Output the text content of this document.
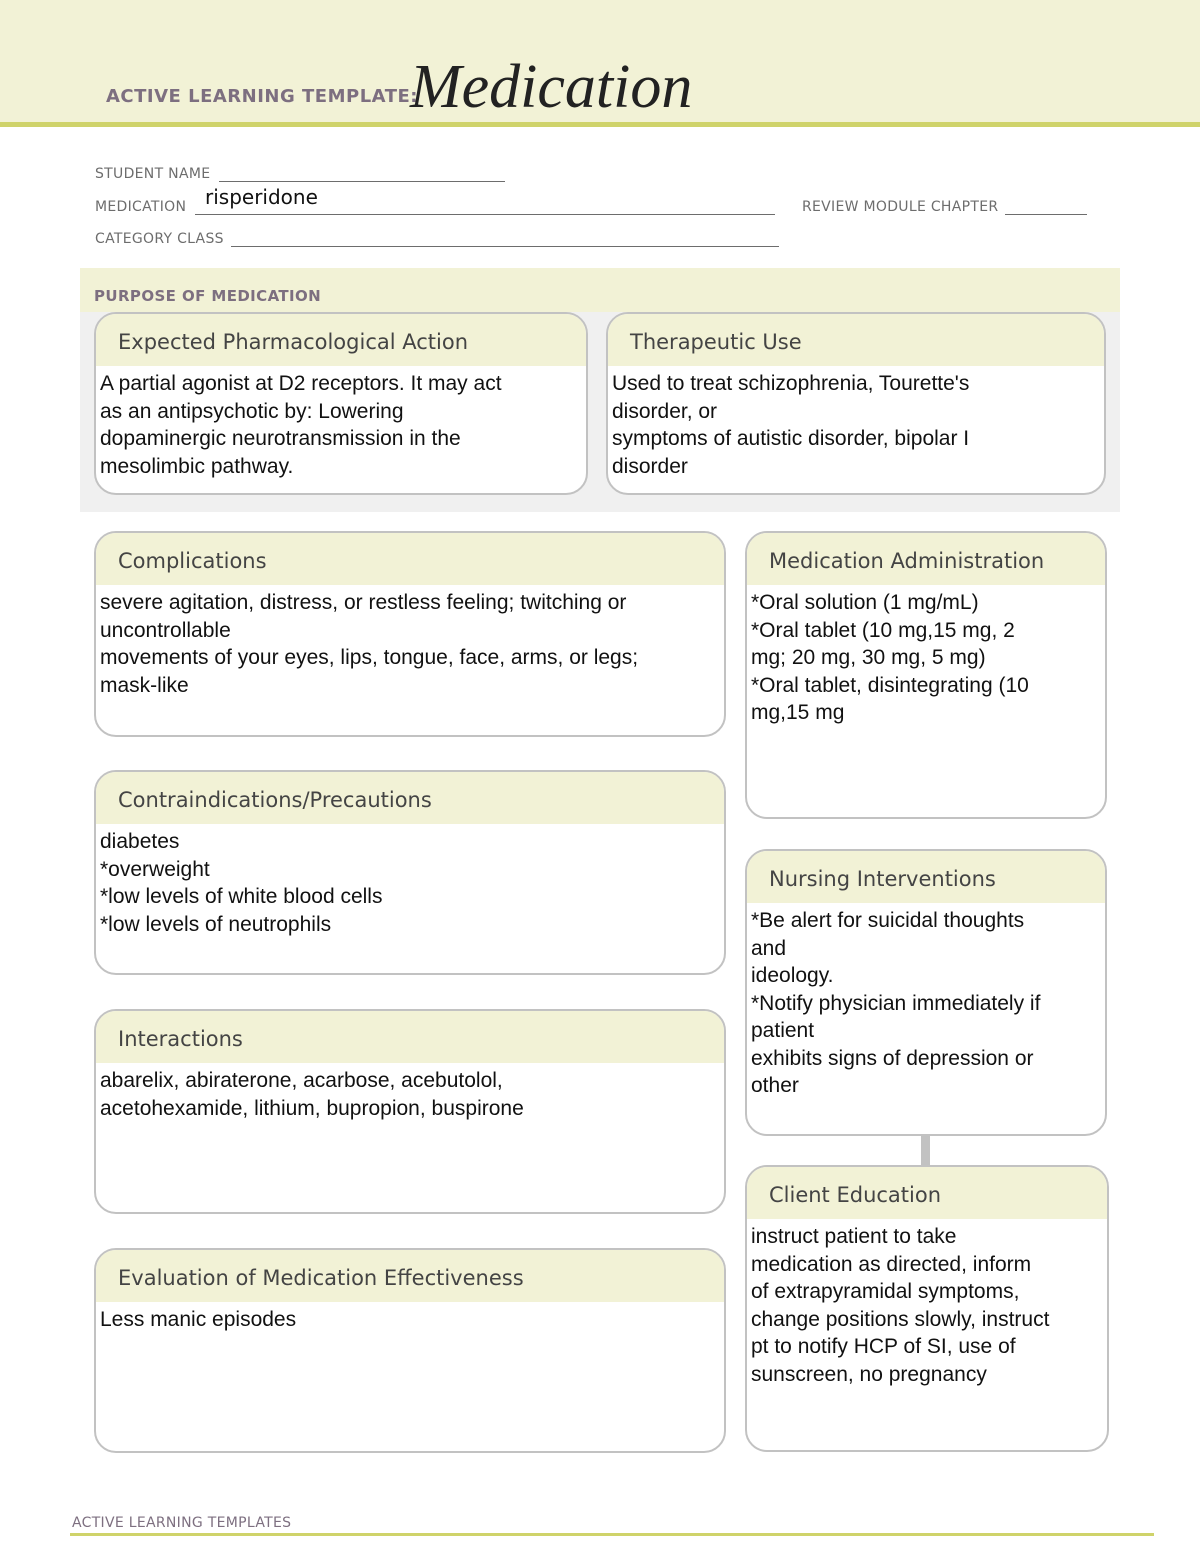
ACTIVE LEARNING TEMPLATE:
Medication
STUDENT NAME
MEDICATION risperidone	REVIEW MODULE CHAPTER
CATEGORY CLASS
PURPOSE OF MEDICATION
Expected Pharmacological Action
A partial agonist at D2 receptors. It may act
as an antipsychotic by: Lowering
dopaminergic neurotransmission in the
mesolimbic pathway.
Therapeutic Use
Used to treat schizophrenia, Tourette's
disorder, or
symptoms of autistic disorder, bipolar I
disorder
Complications
severe agitation, distress, or restless feeling; twitching or
uncontrollable
movements of your eyes, lips, tongue, face, arms, or legs;
mask-like
Medication Administration
*Oral solution (1 mg/mL)
*Oral tablet (10 mg,15 mg, 2
mg; 20 mg, 30 mg, 5 mg)
*Oral tablet, disintegrating (10
mg,15 mg
Contraindications/Precautions
diabetes
*overweight
*low levels of white blood cells
*low levels of neutrophils
Nursing Interventions
*Be alert for suicidal thoughts
and
ideology.
*Notify physician immediately if
patient
exhibits signs of depression or
other
Interactions
abarelix, abiraterone, acarbose, acebutolol,
acetohexamide, lithium, bupropion, buspirone
Client Education
instruct patient to take
medication as directed, inform
of extrapyramidal symptoms,
change positions slowly, instruct
pt to notify HCP of SI, use of
sunscreen, no pregnancy
Evaluation of Medication Effectiveness
Less manic episodes
ACTIVE LEARNING TEMPLATES
